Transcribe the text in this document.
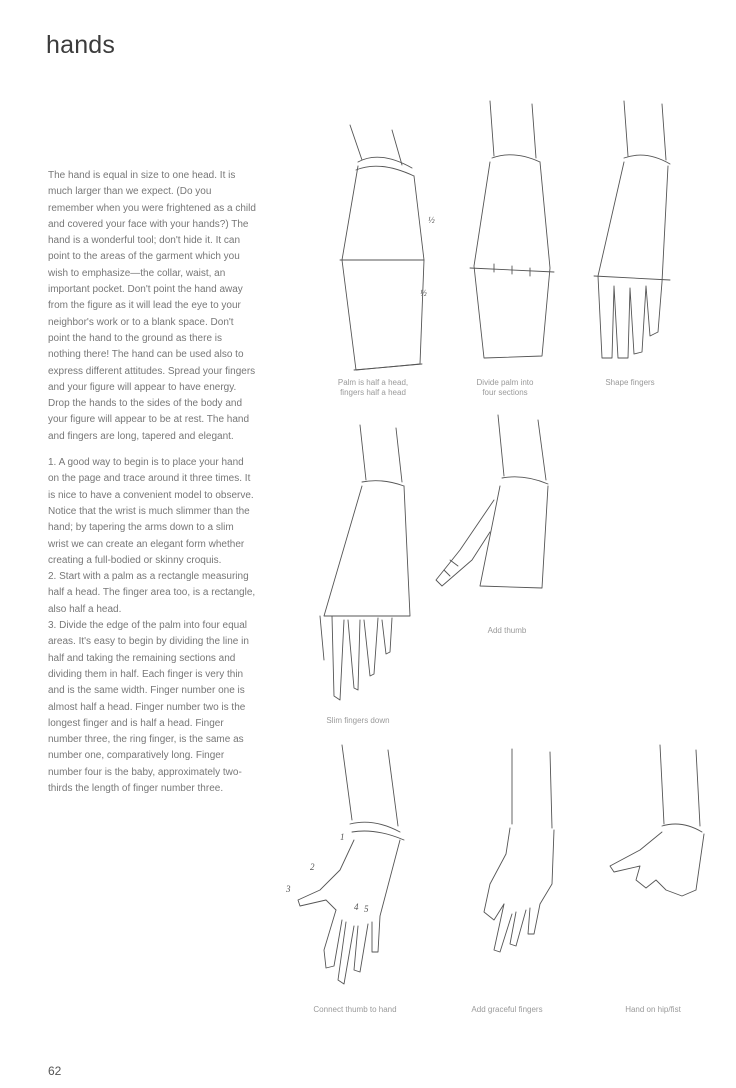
hands

The hand is equal in size to one head. It is much larger than we expect. (Do you remember when you were frightened as a child and covered your face with your hands?) The hand is a wonderful tool; don't hide it. It can point to the areas of the garment which you wish to emphasize—the collar, waist, an important pocket. Don't point the hand away from the figure as it will lead the eye to your neighbor's work or to a blank space. Don't point the hand to the ground as there is nothing there! The hand can be used also to express different attitudes. Spread your fingers and your figure will appear to have energy. Drop the hands to the sides of the body and your figure will appear to be at rest. The hand and fingers are long, tapered and elegant.

1. A good way to begin is to place your hand on the page and trace around it three times. It is nice to have a convenient model to observe. Notice that the wrist is much slimmer than the hand; by tapering the arms down to a slim wrist we can create an elegant form whether creating a full-bodied or skinny croquis.

2. Start with a palm as a rectangle measuring half a head. The finger area too, is a rectangle, also half a head.

3. Divide the edge of the palm into four equal areas. It's easy to begin by dividing the line in half and taking the remaining sections and dividing them in half. Each finger is very thin and is the same width. Finger number one is almost half a head. Finger number two is the longest finger and is half a head. Finger number three, the ring finger, is the same as number one, comparatively long. Finger number four is the baby, approximately two-thirds the length of finger number three.

½
½
Palm is half a head,
fingers half a head
Divide palm into
four sections
Shape fingers
Slim fingers down
Add thumb
2
3
1
4 5
Connect thumb to hand	Add graceful fingers	Hand on hip/fist
62
